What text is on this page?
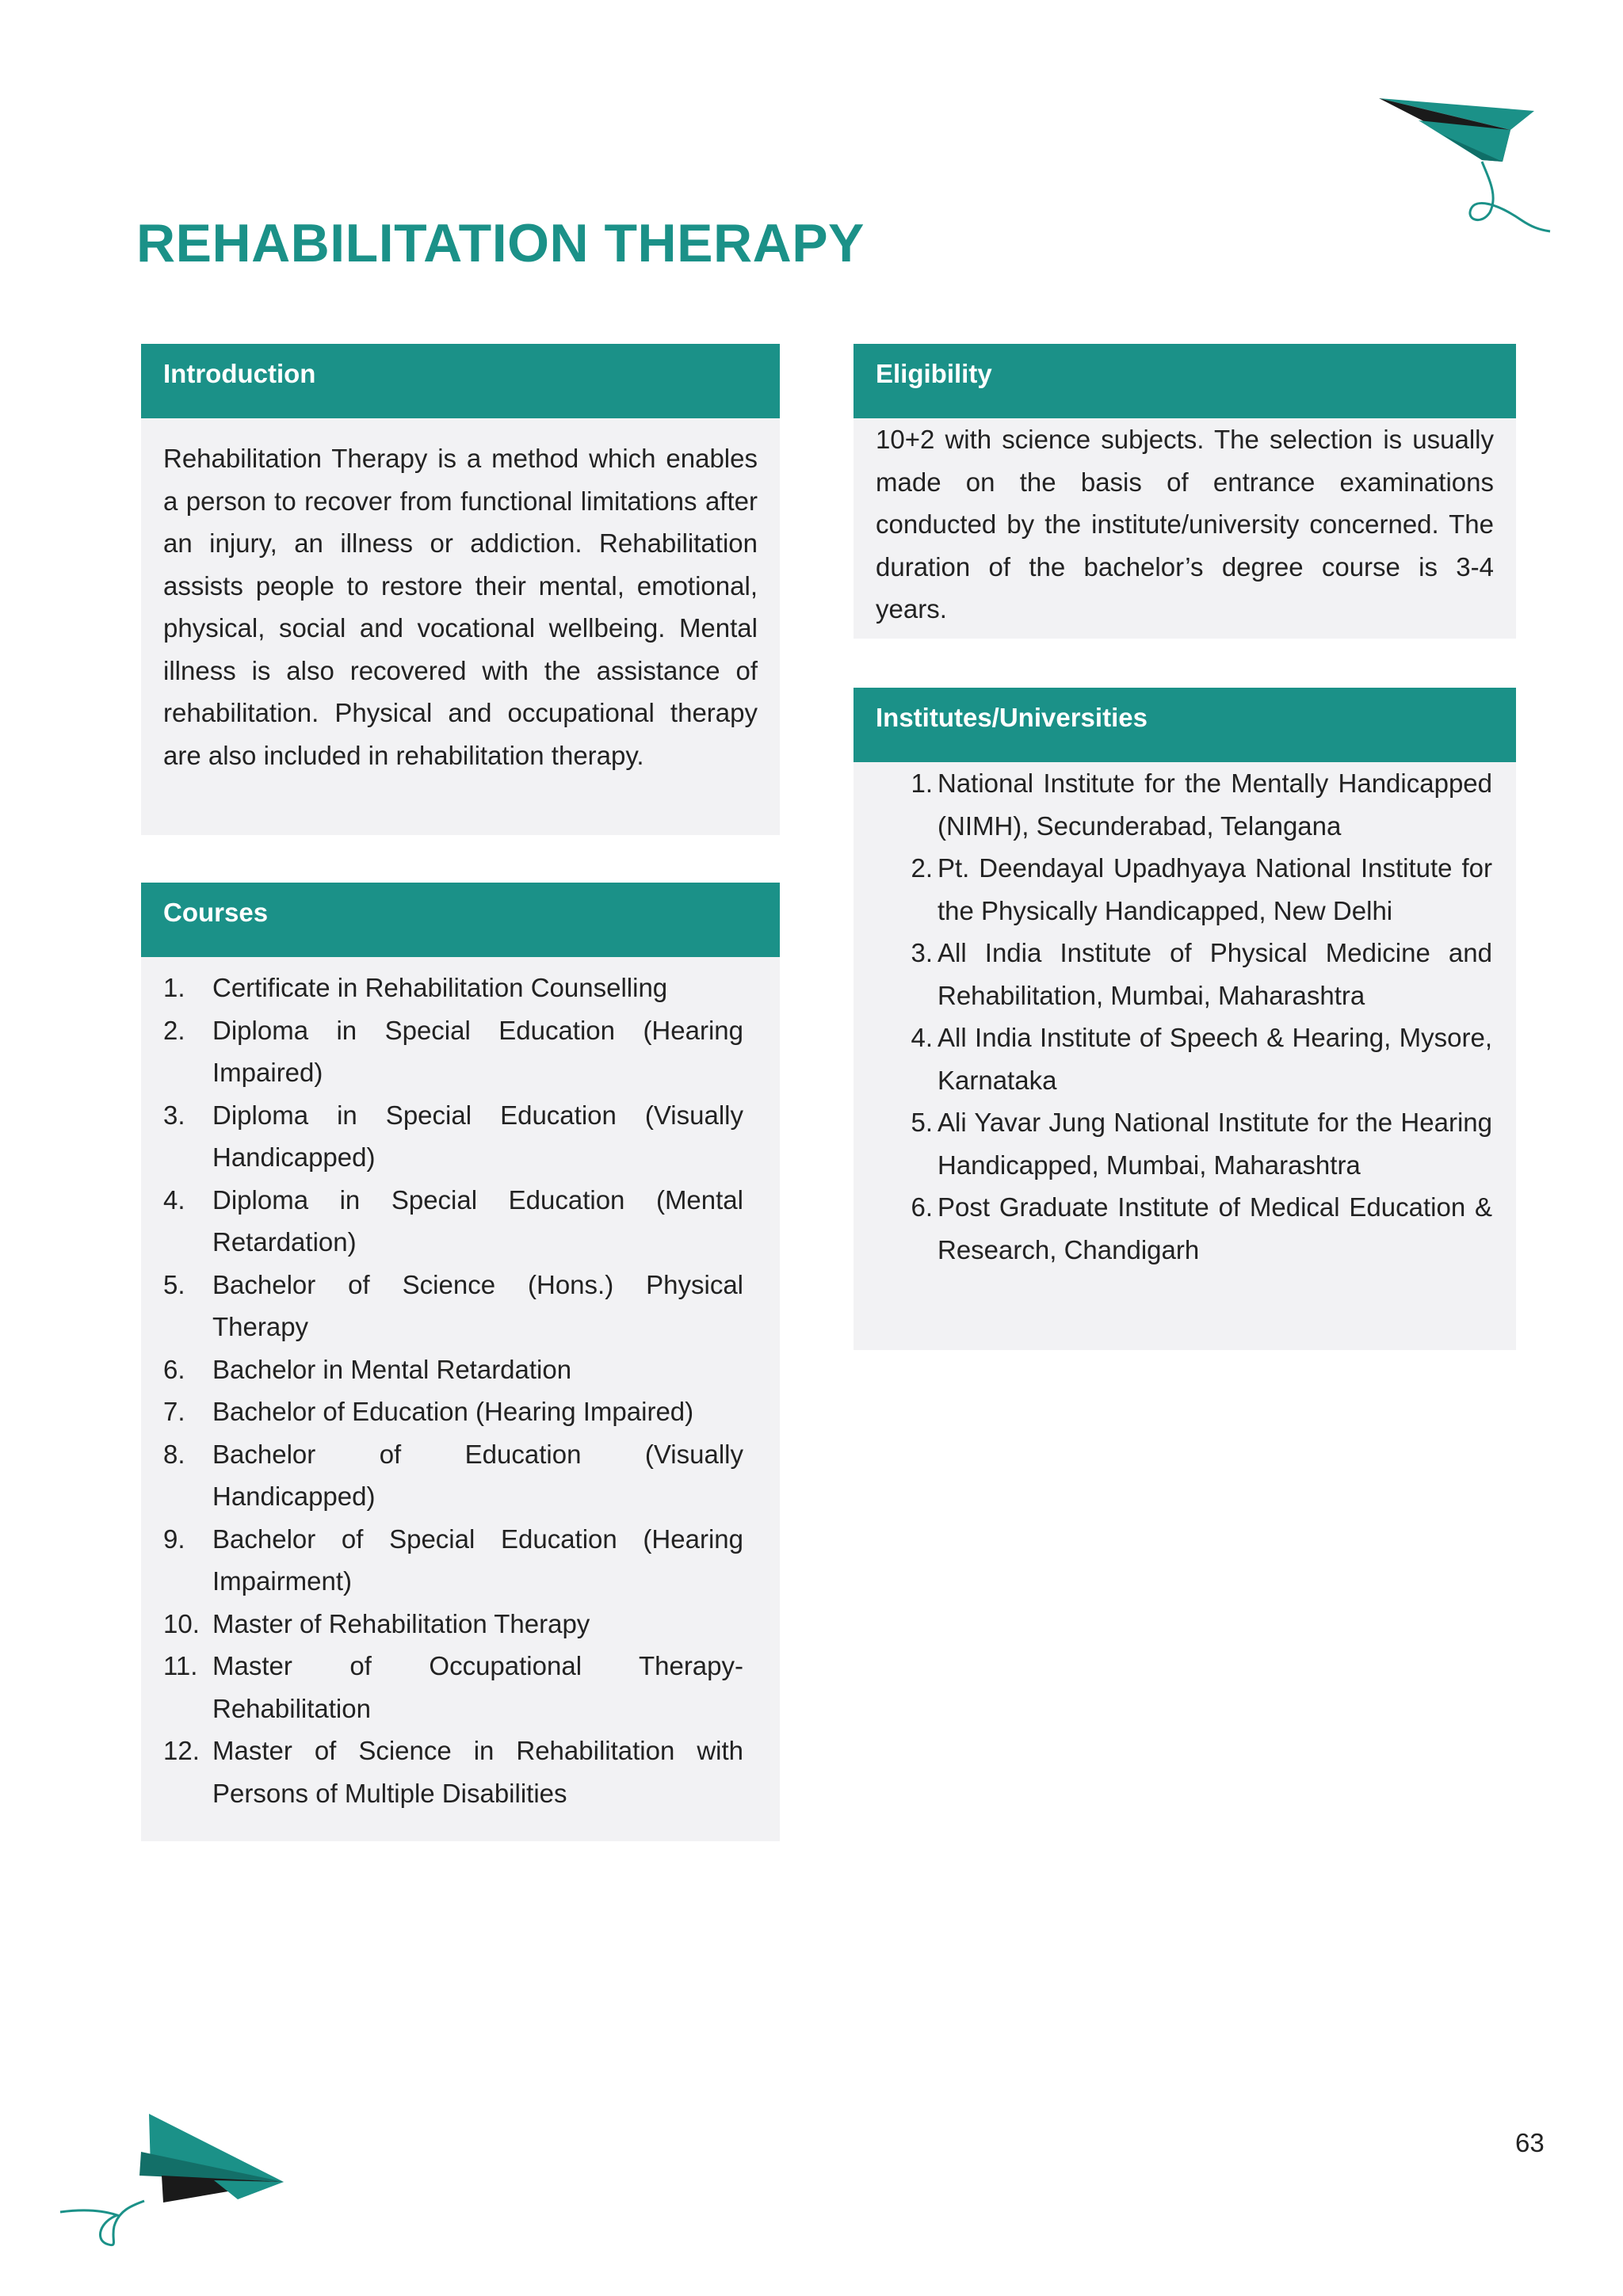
REHABILITATION THERAPY
Introduction
Rehabilitation Therapy is a method which enables a person to recover from functional limitations after an injury, an illness or addiction. Rehabilitation assists people to restore their mental, emotional, physical, social and vocational wellbeing. Mental illness is also recovered with the assistance of rehabilitation. Physical and occupational therapy are also included in rehabilitation therapy.
Courses
1.	Certificate in Rehabilitation Counselling
2.	Diploma in Special Education (Hearing Impaired)
3.	Diploma in Special Education (Visually Handicapped)
4.	Diploma in Special Education (Mental Retardation)
5.	Bachelor of Science (Hons.) Physical Therapy
6.	Bachelor in Mental Retardation
7.	Bachelor of Education (Hearing Impaired)
8.	Bachelor of Education (Visually Handicapped)
9.	Bachelor of Special Education (Hearing Impairment)
10. Master of Rehabilitation Therapy
11. Master of Occupational Therapy- Rehabilitation
12. Master of Science in Rehabilitation with Persons of Multiple Disabilities
Eligibility
10+2 with science subjects. The selection is usually made on the basis of entrance examinations conducted by the institute/university concerned. The duration of the bachelor’s degree course is 3-4 years.
Institutes/Universities
1. National Institute for the Mentally Handicapped (NIMH), Secunderabad, Telangana
2. Pt. Deendayal Upadhyaya National Institute for the Physically Handicapped, New Delhi
3. All India Institute of Physical Medicine and Rehabilitation, Mumbai, Maharashtra
4. All India Institute of Speech & Hearing, Mysore, Karnataka
5. Ali Yavar Jung National Institute for the Hearing Handicapped, Mumbai, Maharashtra
6. Post Graduate Institute of Medical Education & Research, Chandigarh
63
